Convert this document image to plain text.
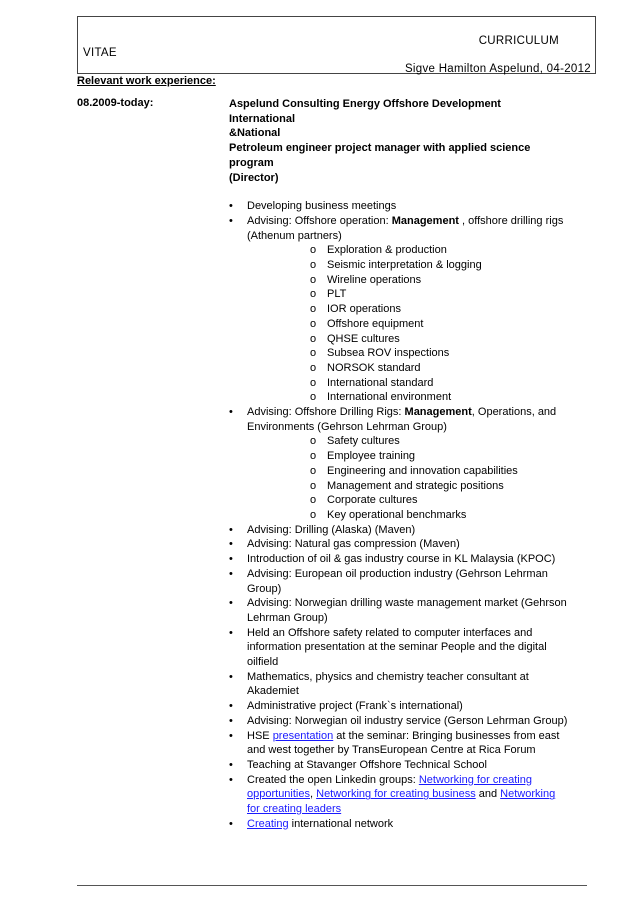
CURRICULUM
VITAE
Sigve Hamilton Aspelund, 04-2012
Relevant work experience:
08.2009-today:	Aspelund Consulting Energy Offshore Development International
&National
Petroleum engineer project manager with applied science program
(Director)

• Developing business meetings
• Advising: Offshore operation: Management , offshore drilling rigs (Athenum partners)
o Exploration & production
o Seismic interpretation & logging
o Wireline operations
o PLT
o IOR operations
o Offshore equipment
o QHSE cultures
o Subsea ROV inspections
o NORSOK standard
o International standard
o International environment
• Advising: Offshore Drilling Rigs: Management, Operations, and Environments (Gehrson Lehrman Group)
o Safety cultures
o Employee training
o Engineering and innovation capabilities
o Management and strategic positions
o Corporate cultures
o Key operational benchmarks
• Advising: Drilling (Alaska) (Maven)
• Advising: Natural gas compression (Maven)
• Introduction of oil & gas industry course in KL Malaysia (KPOC)
• Advising: European oil production industry (Gehrson Lehrman Group)
• Advising: Norwegian drilling waste management market (Gehrson Lehrman Group)
• Held an Offshore safety related to computer interfaces and information presentation at the seminar People and the digital oilfield
• Mathematics, physics and chemistry teacher consultant at Akademiet
• Administrative project (Frank`s international)
• Advising: Norwegian oil industry service (Gerson Lehrman Group)
• HSE presentation at the seminar: Bringing businesses from east and west together by TransEuropean Centre at Rica Forum
• Teaching at Stavanger Offshore Technical School
• Created the open Linkedin groups: Networking for creating opportunities, Networking for creating business and Networking for creating leaders
• Creating international network
